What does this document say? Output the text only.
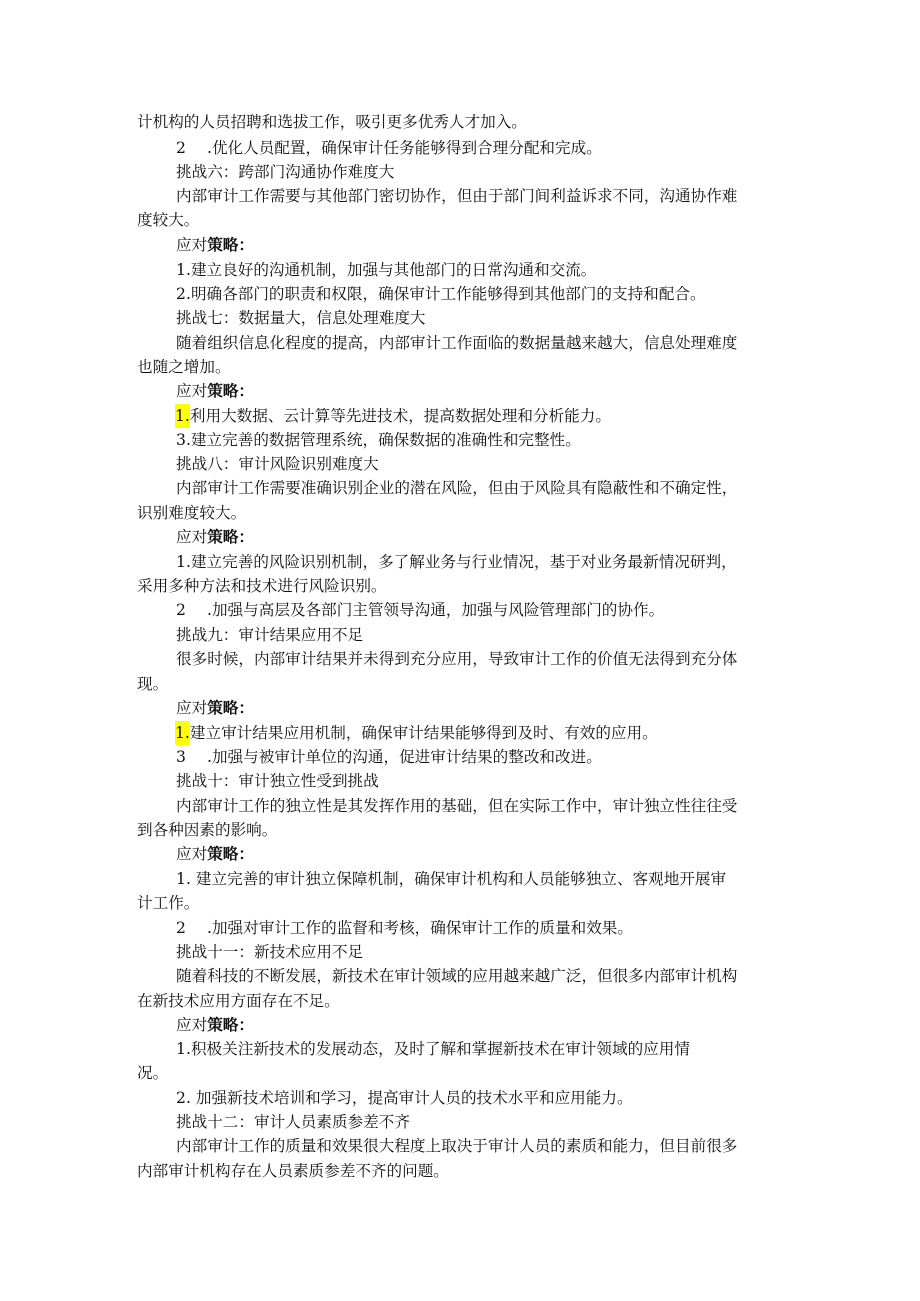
计机构的人员招聘和选拔工作，吸引更多优秀人才加入。
2 .优化人员配置，确保审计任务能够得到合理分配和完成。
挑战六：跨部门沟通协作难度大
内部审计工作需要与其他部门密切协作，但由于部门间利益诉求不同，沟通协作难
度较大。
应对策略：
1.建立良好的沟通机制，加强与其他部门的日常沟通和交流。
2.明确各部门的职责和权限，确保审计工作能够得到其他部门的支持和配合。
挑战七：数据量大，信息处理难度大
随着组织信息化程度的提高，内部审计工作面临的数据量越来越大，信息处理难度
也随之增加。
应对策略：
1.利用大数据、云计算等先进技术，提高数据处理和分析能力。
3.建立完善的数据管理系统，确保数据的准确性和完整性。
挑战八：审计风险识别难度大
内部审计工作需要准确识别企业的潜在风险，但由于风险具有隐蔽性和不确定性，
识别难度较大。
应对策略：
1.建立完善的风险识别机制，多了解业务与行业情况，基于对业务最新情况研判，
采用多种方法和技术进行风险识别。
2 .加强与高层及各部门主管领导沟通，加强与风险管理部门的协作。
挑战九：审计结果应用不足
很多时候，内部审计结果并未得到充分应用，导致审计工作的价值无法得到充分体
现。
应对策略：
1.建立审计结果应用机制，确保审计结果能够得到及时、有效的应用。
3 .加强与被审计单位的沟通，促进审计结果的整改和改进。
挑战十：审计独立性受到挑战
内部审计工作的独立性是其发挥作用的基础，但在实际工作中，审计独立性往往受
到各种因素的影响。
应对策略：
1. 建立完善的审计独立保障机制，确保审计机构和人员能够独立、客观地开展审
计工作。
2 .加强对审计工作的监督和考核，确保审计工作的质量和效果。
挑战十一：新技术应用不足
随着科技的不断发展，新技术在审计领域的应用越来越广泛，但很多内部审计机构
在新技术应用方面存在不足。
应对策略：
1.积极关注新技术的发展动态，及时了解和掌握新技术在审计领域的应用情
况。
2. 加强新技术培训和学习，提高审计人员的技术水平和应用能力。
挑战十二：审计人员素质参差不齐
内部审计工作的质量和效果很大程度上取决于审计人员的素质和能力，但目前很多
内部审计机构存在人员素质参差不齐的问题。
